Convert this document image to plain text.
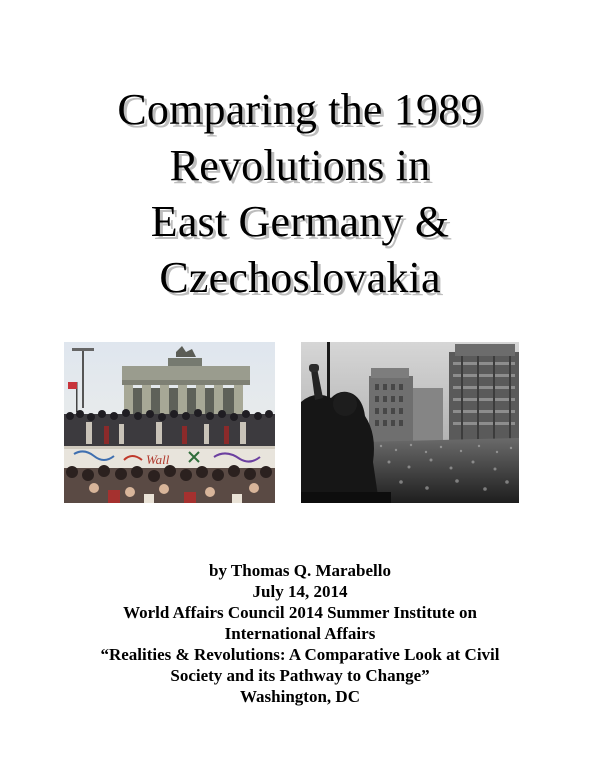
Comparing the 1989
Revolutions in
East Germany &
Czechoslovakia
Wall
by Thomas Q. Marabello
July 14, 2014
World Affairs Council 2014 Summer Institute on
International Affairs
“Realities & Revolutions: A Comparative Look at Civil
Society and its Pathway to Change”
Washington, DC
